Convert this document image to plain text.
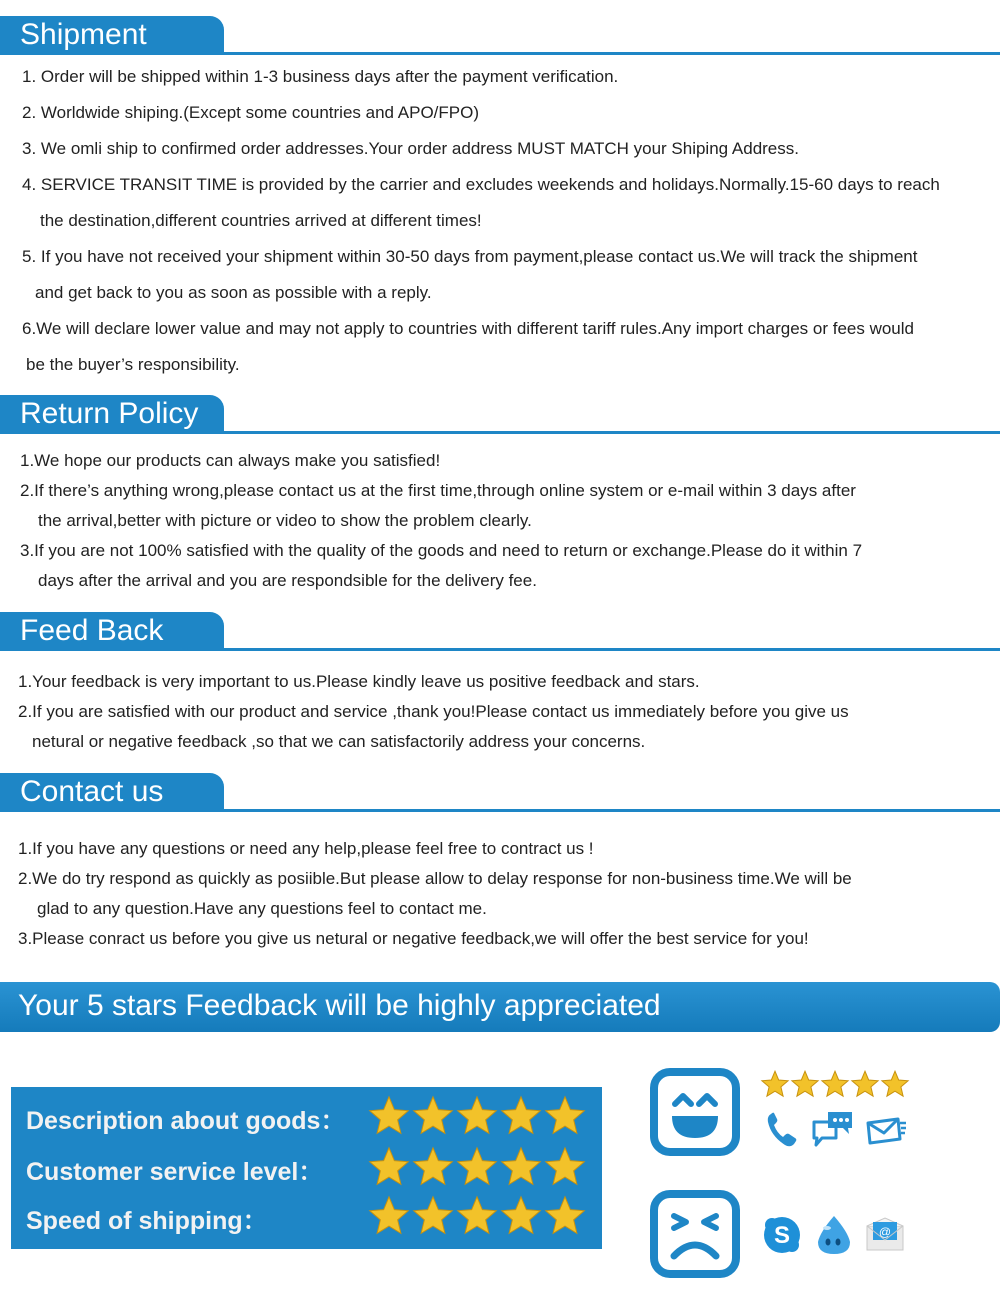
Shipment
1. Order will be shipped within 1-3 business days after the payment verification.
2. Worldwide shiping.(Except some countries and APO/FPO)
3. We omli ship to confirmed order addresses.Your order address MUST MATCH your Shiping Address.
4. SERVICE TRANSIT TIME is provided by the carrier and excludes weekends and holidays.Normally.15-60 days to reach
the destination,different countries arrived at different times!
5. If you have not received your shipment within 30-50 days from payment,please contact us.We will track the shipment
and get back to you as soon as possible with a reply.
6.We will declare lower value and may not apply to countries with different tariff rules.Any import charges or fees would
be the buyer’s responsibility.
Return Policy
1.We hope our products can always make you satisfied!
2.If there’s anything wrong,please contact us at the first time,through online system or e-mail within 3 days after
the arrival,better with picture or video to show the problem clearly.
3.If you are not 100% satisfied with the quality of the goods and need to return or exchange.Please do it within 7
days after the arrival and you are respondsible for the delivery fee.
Feed Back
1.Your feedback is very important to us.Please kindly leave us positive feedback and stars.
2.If you are satisfied with our product and service ,thank you!Please contact us immediately before you give us
netural or negative feedback ,so that we can satisfactorily address your concerns.
Contact us
1.If you have any questions or need any help,please feel free to contract us !
2.We do try respond as quickly as posiible.But please allow to delay response for non-business time.We will be
glad to any question.Have any questions feel to contact me.
3.Please conract us before you give us netural or negative feedback,we will offer the best service for you!
Your 5 stars Feedback will be highly appreciated
Description about goods：
Customer service level：
Speed of shipping：
S	@
